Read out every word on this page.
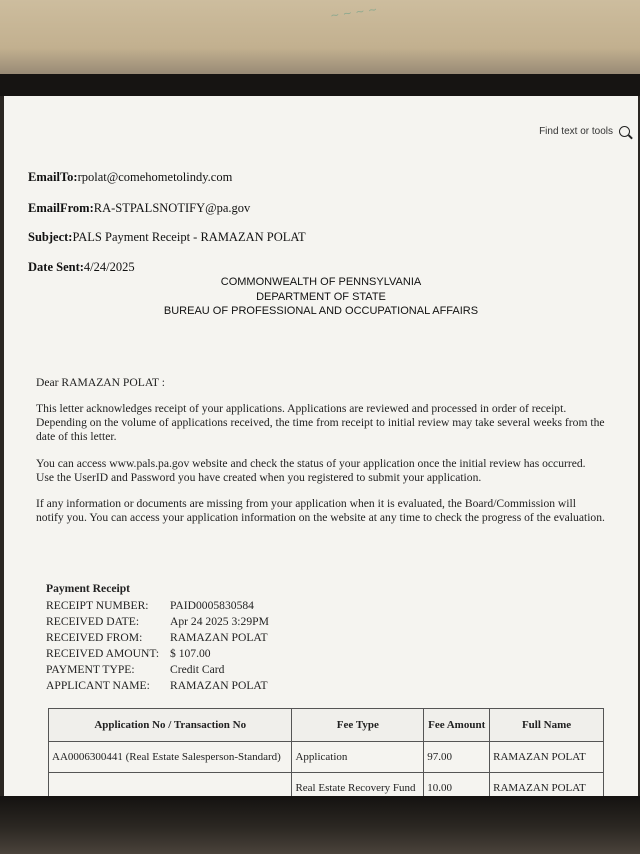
~ ~ ~ ~
Find text or tools
EmailTo:rpolat@comehometolindy.com
EmailFrom:RA-STPALSNOTIFY@pa.gov
Subject:PALS Payment Receipt - RAMAZAN POLAT
Date Sent:4/24/2025
COMMONWEALTH OF PENNSYLVANIA
DEPARTMENT OF STATE
BUREAU OF PROFESSIONAL AND OCCUPATIONAL AFFAIRS
Dear RAMAZAN POLAT :
This letter acknowledges receipt of your applications. Applications are reviewed and processed in order of receipt. Depending on the volume of applications received, the time from receipt to initial review may take several weeks from the date of this letter.
You can access www.pals.pa.gov website and check the status of your application once the initial review has occurred. Use the UserID and Password you have created when you registered to submit your application.
If any information or documents are missing from your application when it is evaluated, the Board/Commission will notify you. You can access your application information on the website at any time to check the progress of the evaluation.
Payment Receipt
RECEIPT NUMBER:	PAID0005830584
RECEIVED DATE:	Apr 24 2025 3:29PM
RECEIVED FROM:	RAMAZAN POLAT
RECEIVED AMOUNT: $ 107.00
PAYMENT TYPE:	Credit Card
APPLICANT NAME:	RAMAZAN POLAT
Application No / Transaction No	Fee Type	Fee Amount	Full Name
AA0006300441 (Real Estate Salesperson-Standard)	Application	97.00	RAMAZAN POLAT
	Real Estate Recovery Fund	10.00	RAMAZAN POLAT
